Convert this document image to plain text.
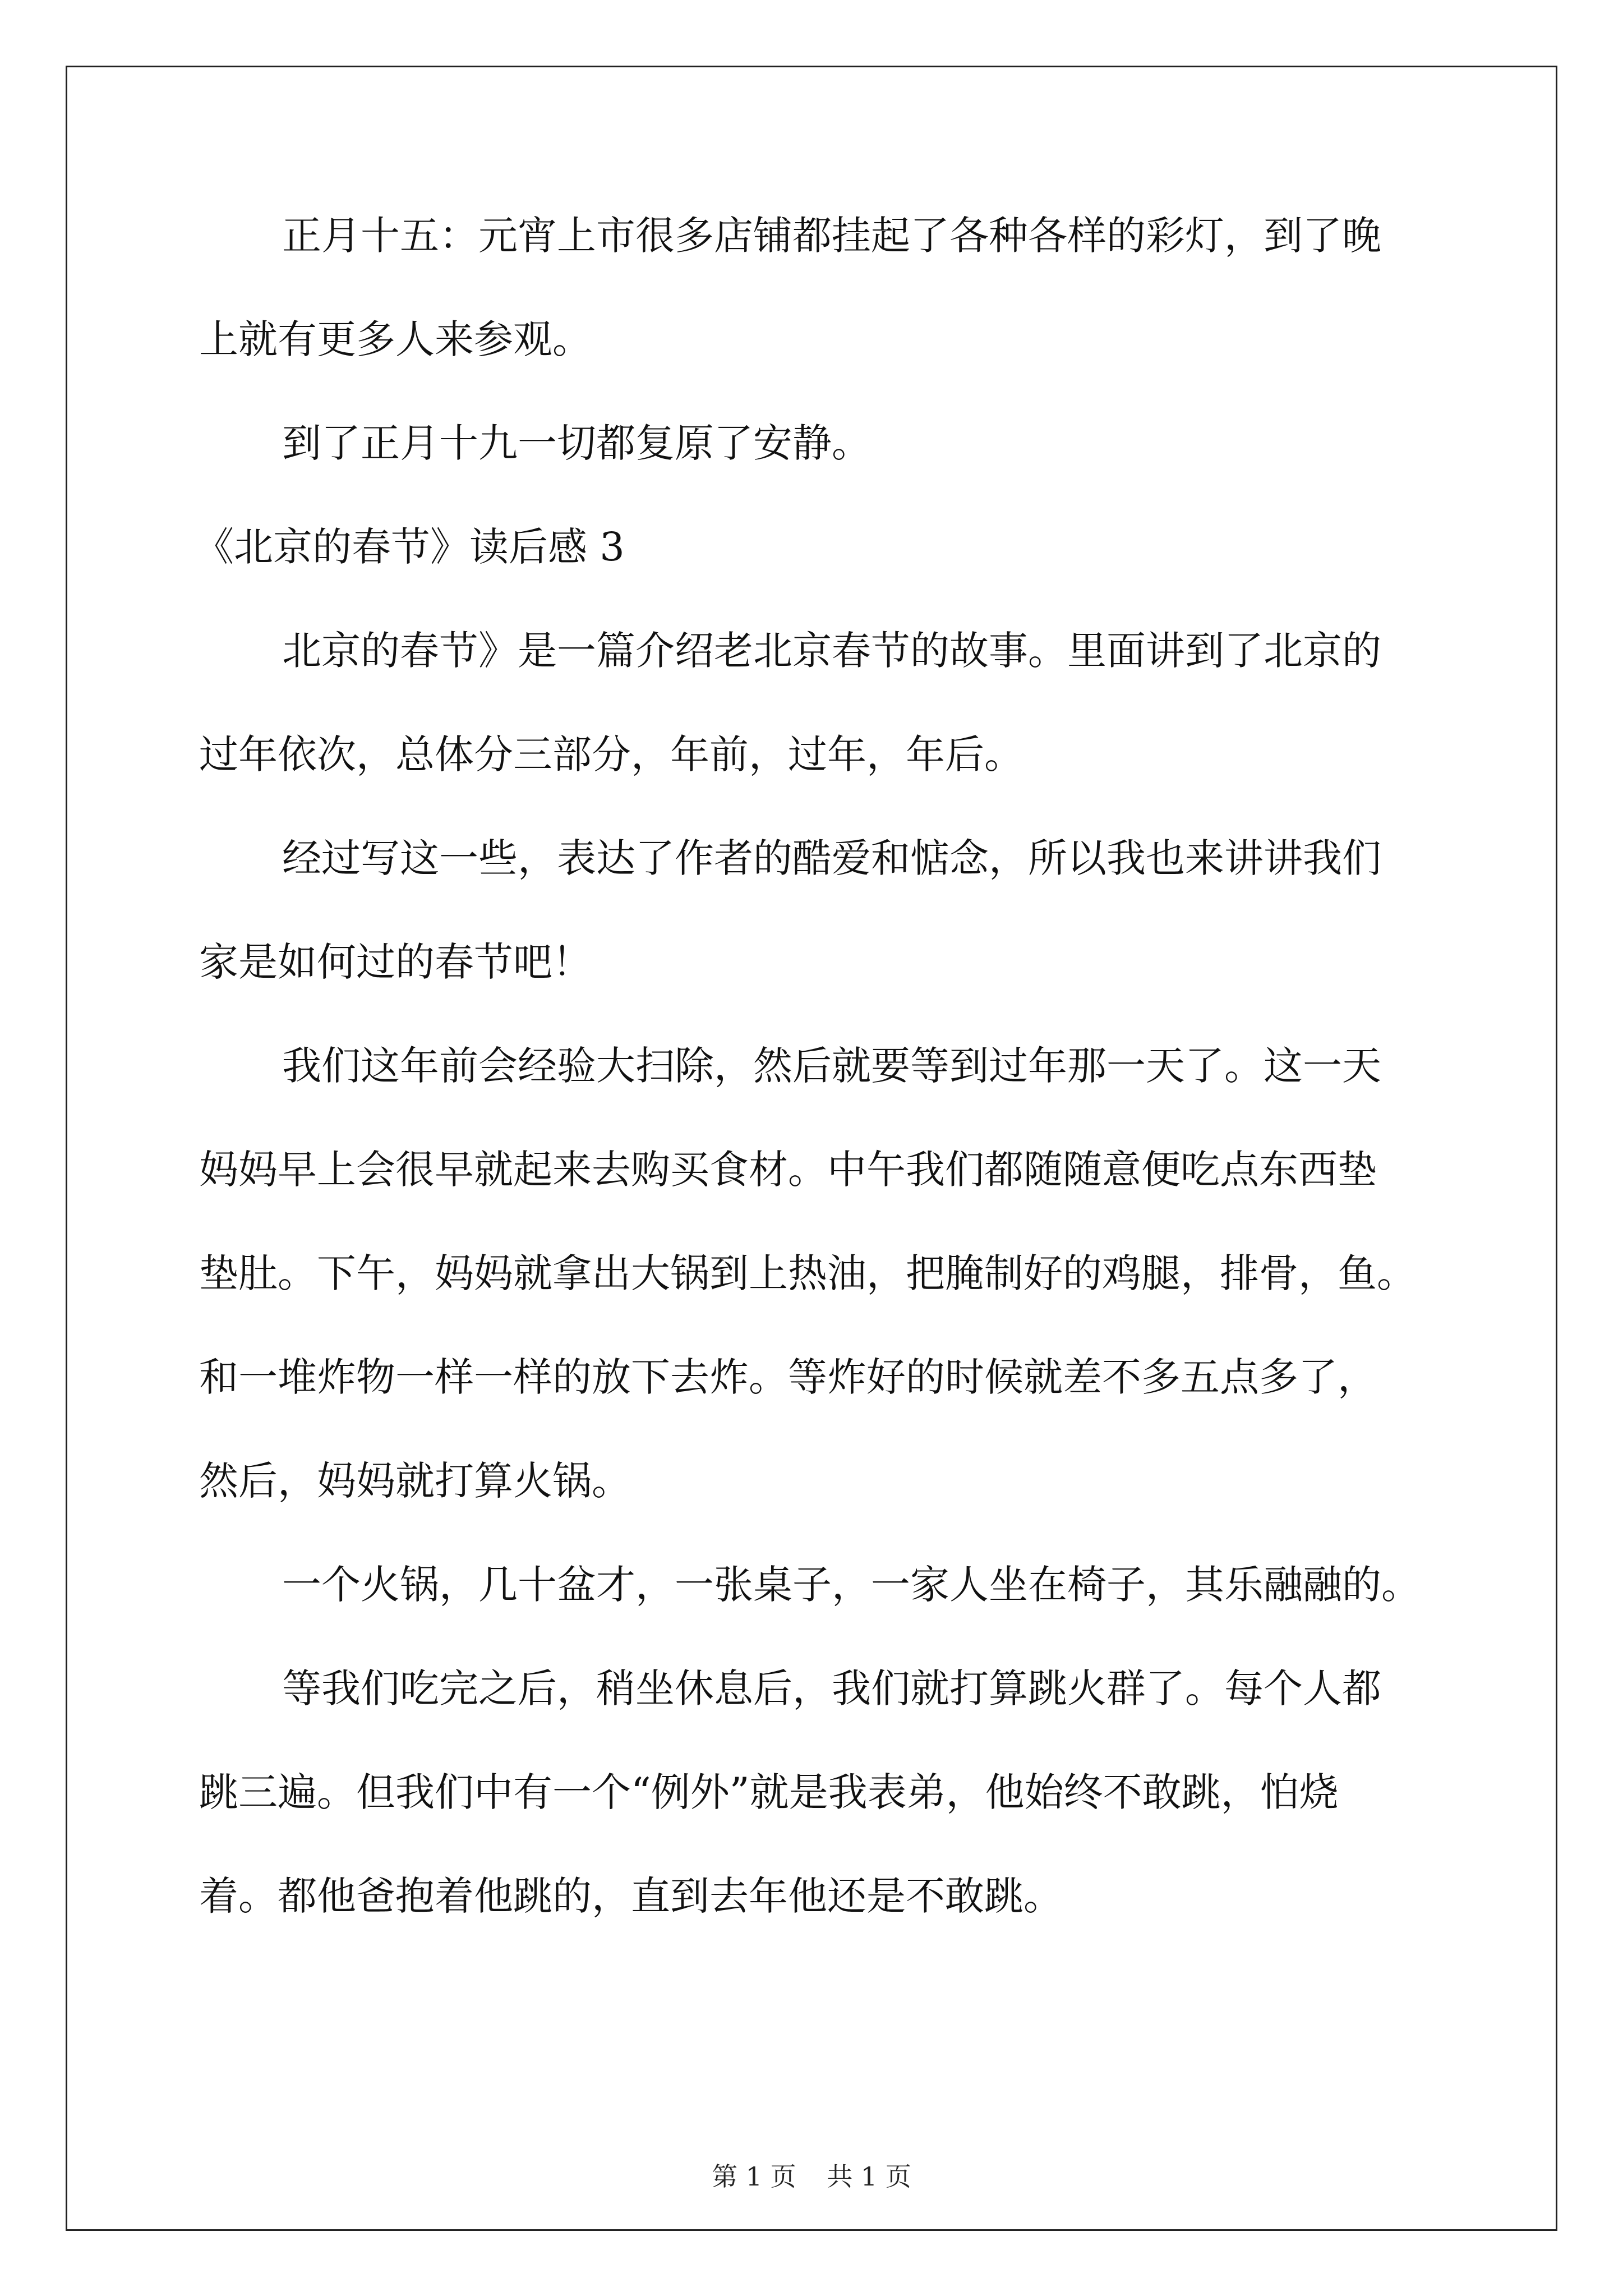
正月十五：元宵上市很多店铺都挂起了各种各样的彩灯，到了晚
上就有更多人来参观。
到了正月十九一切都复原了安静。
《北京的春节》读后感 3
北京的春节》是一篇介绍老北京春节的故事。里面讲到了北京的
过年依次，总体分三部分，年前，过年，年后。
经过写这一些，表达了作者的酷爱和惦念，所以我也来讲讲我们
家是如何过的春节吧！
我们这年前会经验大扫除，然后就要等到过年那一天了。这一天
妈妈早上会很早就起来去购买食材。中午我们都随随意便吃点东西垫
垫肚。下午，妈妈就拿出大锅到上热油，把腌制好的鸡腿，排骨，鱼。
和一堆炸物一样一样的放下去炸。等炸好的时候就差不多五点多了，
然后，妈妈就打算火锅。
一个火锅，几十盆才，一张桌子，一家人坐在椅子，其乐融融的。
等我们吃完之后，稍坐休息后，我们就打算跳火群了。每个人都
跳三遍。但我们中有一个“例外”就是我表弟，他始终不敢跳，怕烧
着。都他爸抱着他跳的，直到去年他还是不敢跳。
第 1 页 共 1 页
